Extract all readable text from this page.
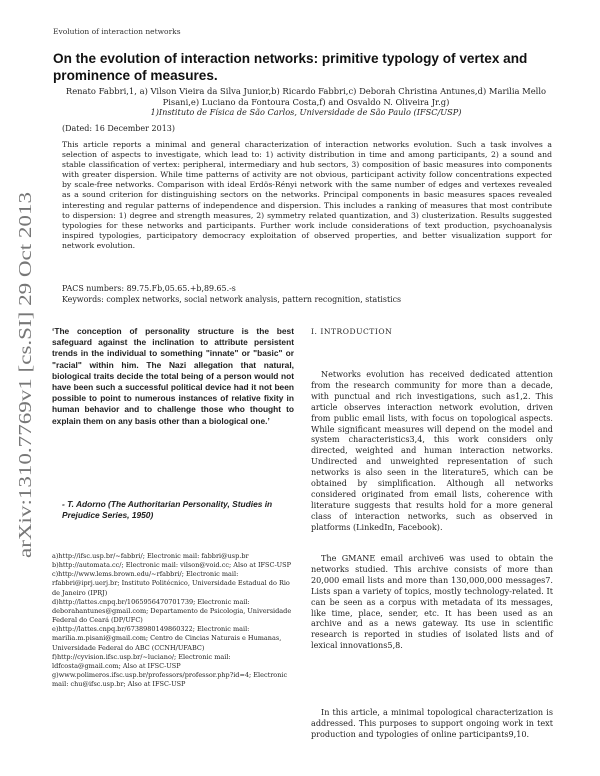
Evolution of interaction networks
arXiv:1310.7769v1 [cs.SI] 29 Oct 2013
On the evolution of interaction networks: primitive typology of vertex and prominence of measures.
Renato Fabbri,1, a) Vilson Vieira da Silva Junior,b) Ricardo Fabbri,c) Deborah Christina Antunes,d) Marilia Mello Pisani,e) Luciano da Fontoura Costa,f) and Osvaldo N. Oliveira Jr.g)
1)Instituto de Física de São Carlos, Universidade de São Paulo (IFSC/USP)
(Dated: 16 December 2013)

This article reports a minimal and general characterization of interaction networks evolution. Such a task involves a selection of aspects to investigate, which lead to: 1) activity distribution in time and among participants, 2) a sound and stable classification of vertex: peripheral, intermediary and hub sectors, 3) composition of basic measures into components with greater dispersion. While time patterns of activity are not obvious, participant activity follow concentrations expected by scale-free networks. Comparison with ideal Erdös-Rényi network with the same number of edges and vertexes revealed as a sound criterion for distinguishing sectors on the networks. Principal components in basic measures spaces revealed interesting and regular patterns of independence and dispersion. This includes a ranking of measures that most contribute to dispersion: 1) degree and strength measures, 2) symmetry related quantization, and 3) clusterization. Results suggested typologies for these networks and participants. Further work include considerations of text production, psychoanalysis inspired typologies, participatory democracy exploitation of observed properties, and better visualization support for network evolution.

PACS numbers: 89.75.Fb,05.65.+b,89.65.-s
Keywords: complex networks, social network analysis, pattern recognition, statistics

‘The conception of personality structure is the best safeguard against the inclination to attribute persistent trends in the individual to something "innate" or "basic" or "racial" within him. The Nazi allegation that natural, biological traits decide the total being of a person would not have been such a successful political device had it not been possible to point to numerous instances of relative fixity in human behavior and to challenge those who thought to explain them on any basis other than a biological one.’

- T. Adorno (The Authoritarian Personality, Studies in Prejudice Series, 1950)

a)http://ifsc.usp.br/~fabbri/; Electronic mail: fabbri@usp.br
b)http://automata.cc/; Electronic mail: vilson@void.cc; Also at IFSC-USP
c)http://www.lems.brown.edu/~rfabbri/; Electronic mail: rfabbri@iprj.uerj.br; Instituto Politécnico, Universidade Estadual do Rio de Janeiro (IPRJ)
d)http://lattes.cnpq.br/1065956470701739; Electronic mail: deborahantunes@gmail.com; Departamento de Psicologia, Universidade Federal do Ceará (DP/UFC)
e)http://lattes.cnpq.br/6738980149860322; Electronic mail: marilia.m.pisani@gmail.com; Centro de Cincias Naturais e Humanas, Universidade Federal do ABC (CCNH/UFABC)
f)http://cyvision.ifsc.usp.br/~luciano/; Electronic mail: ldfcosta@gmail.com; Also at IFSC-USP
g)www.polimeros.ifsc.usp.br/professors/professor.php?id=4; Electronic mail: chu@ifsc.usp.br; Also at IFSC-USP
I. INTRODUCTION

Networks evolution has received dedicated attention from the research community for more than a decade, with punctual and rich investigations, such as1,2. This article observes interaction network evolution, driven from public email lists, with focus on topological aspects. While significant measures will depend on the model and system characteristics3,4, this work considers only directed, weighted and human interaction networks. Undirected and unweighted representation of such networks is also seen in the literature5, which can be obtained by simplification. Although all networks considered originated from email lists, coherence with literature suggests that results hold for a more general class of interaction networks, such as observed in platforms (LinkedIn, Facebook).

The GMANE email archive6 was used to obtain the networks studied. This archive consists of more than 20,000 email lists and more than 130,000,000 messages7. Lists span a variety of topics, mostly technology-related. It can be seen as a corpus with metadata of its messages, like time, place, sender, etc. It has been used as an archive and as a news gateway. Its use in scientific research is reported in studies of isolated lists and of lexical innovations5,8.

In this article, a minimal topological characterization is addressed. This purposes to support ongoing work in text production and typologies of online participants9,10.
